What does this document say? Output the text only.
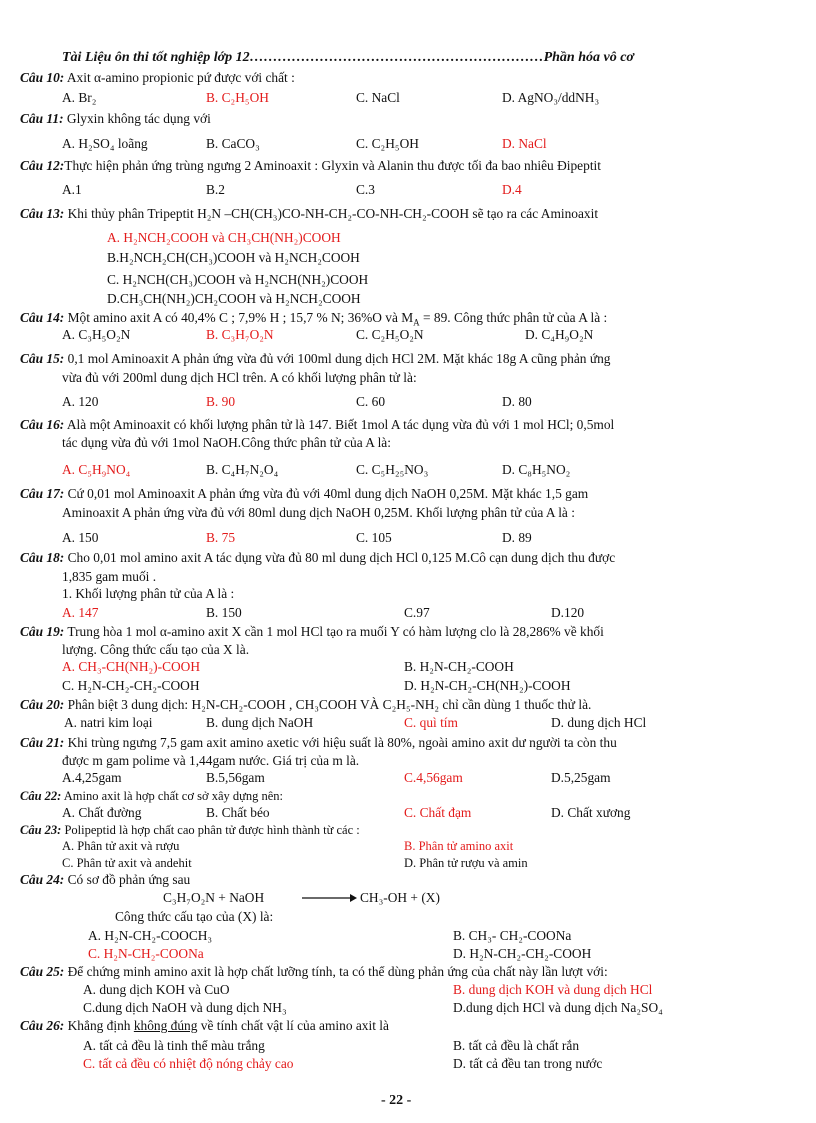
Tài Liệu ôn thi tốt nghiệp lớp 12………………………………………………………Phần hóa vô cơ
Câu 10: Axit α-amino propionic pứ được với chất :
A. Br₂	B. C₂H₅OH	C. NaCl	D. AgNO₃/ddNH₃
Câu 11: Glyxin không tác dụng với
A. H₂SO₄ loãng	B. CaCO₃	C. C₂H₅OH	D. NaCl
Câu 12:Thực hiện phản ứng trùng ngưng 2 Aminoaxit : Glyxin và Alanin thu được tối đa bao nhiêu Đipeptit
A.1	B.2	C.3	D.4
Câu 13: Khi thủy phân Tripeptit H₂N –CH(CH₃)CO-NH-CH₂-CO-NH-CH₂-COOH sẽ tạo ra các Aminoaxit
A. H₂NCH₂COOH và CH₃CH(NH₂)COOH
B.H₂NCH₂CH(CH₃)COOH và H₂NCH₂COOH
C. H₂NCH(CH₃)COOH và H₂NCH(NH₂)COOH
D.CH₃CH(NH₂)CH₂COOH và H₂NCH₂COOH
Câu 14: Một amino axit A có 40,4% C ; 7,9% H ; 15,7 % N; 36%O và $M_A = 89$. Công thức phân tử của A là :
A. C₃H₅O₂N	B. C₃H₇O₂N	C. C₂H₅O₂N	D. C₄H₉O₂N
Câu 15: 0,1 mol Aminoaxit A phản ứng vừa đủ với 100ml dung dịch HCl 2M. Mặt khác 18g A cũng phản ứng
vừa đủ với 200ml dung dịch HCl trên. A có khối lượng phân tử là:
A. 120	B. 90	C. 60	D. 80
Câu 16: Alà một Aminoaxit có khối lượng phân tử là 147. Biết 1mol A tác dụng vừa đủ với 1 mol HCl; 0,5mol
tác dụng vừa đủ với 1mol NaOH.Công thức phân tử của A là:
A. C₅H₉NO₄	B. C₄H₇N₂O₄	C. C₅H₂₅NO₃	D. C₈H₅NO₂
Câu 17: Cứ 0,01 mol Aminoaxit A phản ứng vừa đủ với 40ml dung dịch NaOH 0,25M. Mặt khác 1,5 gam
Aminoaxit A phản ứng vừa đủ với 80ml dung dịch NaOH 0,25M. Khối lượng phân tử của A là :
A. 150	B. 75	C. 105	D. 89
Câu 18: Cho 0,01 mol amino axit A tác dụng vừa đủ 80 ml dung dịch HCl 0,125 M.Cô cạn dung dịch thu được
1,835 gam muối .
1. Khối lượng phân tử của A là :
A. 147	B. 150	C.97	D.120
Câu 19: Trung hòa 1 mol α-amino axit X cần 1 mol HCl tạo ra muối Y có hàm lượng clo là 28,286% về khối
lượng. Công thức cấu tạo của X là.
A. CH₃-CH(NH₂)-COOH	B. H₂N-CH₂-COOH
C. H₂N-CH₂-CH₂-COOH	D. H₂N-CH₂-CH(NH₂)-COOH
Câu 20: Phân biệt 3 dung dịch: H₂N-CH₂-COOH , CH₃COOH VÀ C₂H₅-NH₂ chỉ cần dùng 1 thuốc thử là.
A. natri kim loại	B. dung dịch NaOH	C. quì tím	D. dung dịch HCl
Câu 21: Khi trùng ngưng 7,5 gam axit amino axetic với hiệu suất là 80%, ngoài amino axit dư người ta còn thu
được m gam polime và 1,44gam nước. Giá trị của m là.
A.4,25gam	B.5,56gam	C.4,56gam	D.5,25gam
Câu 22: Amino axit là hợp chất cơ sở xây dựng nên:
A. Chất đường	B. Chất béo	C. Chất đạm	D. Chất xương
Câu 23: Polipeptid là hợp chất cao phân tử được hình thành từ các :
A. Phân tử axit và rượu	B. Phân tử amino axit
C. Phân tử axit và andehit	D. Phân tử rượu và amin
Câu 24: Có sơ đồ phản ứng sau
C₃H₇O₂N + NaOH	CH₃-OH + (X)
Công thức cấu tạo của (X) là:
A. H₂N-CH₂-COOCH₃	B. CH₃- CH₂-COONa
C. H₂N-CH₂-COONa	D. H₂N-CH₂-CH₂-COOH
Câu 25: Để chứng minh amino axit là hợp chất lưỡng tính, ta có thể dùng phản ứng của chất này lần lượt với:
A. dung dịch KOH và CuO	B. dung dịch KOH và dung dịch HCl
C.dung dịch NaOH và dung dịch NH₃	D.dung dịch HCl và dung dịch Na₂SO₄
Câu 26: Khẳng định không đúng về tính chất vật lí của amino axit là
A. tất cả đều là tinh thể màu trắng	B. tất cả đều là chất rắn
C. tất cả đều có nhiệt độ nóng chảy cao	D. tất cả đều tan trong nước
- 22 -
